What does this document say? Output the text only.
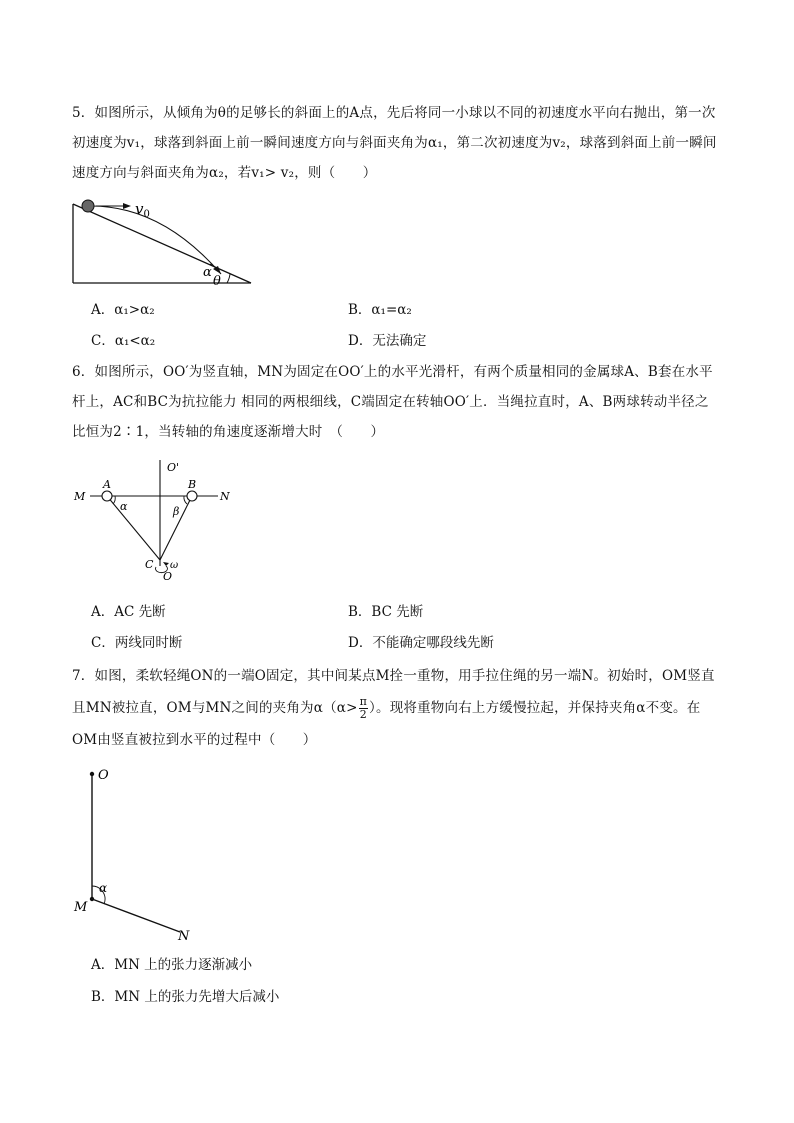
5．如图所示，从倾角为θ的足够长的斜面上的A点，先后将同一小球以不同的初速度水平向右抛出，第一次初速度为v₁，球落到斜面上前一瞬间速度方向与斜面夹角为α₁，第二次初速度为v₂，球落到斜面上前一瞬间速度方向与斜面夹角为α₂，若v₁> v₂，则（　　）

$v_0$
α
θ
A．α₁>α₂	B．α₁=α₂
C．α₁<α₂	D．无法确定

6．如图所示，OO′为竖直轴，MN为固定在OO′上的水平光滑杆，有两个质量相同的金属球A、B套在水平杆上，AC和BC为抗拉能力 相同的两根细线，C端固定在转轴OO′上．当绳拉直时，A、B两球转动半径之比恒为2∶1，当转轴的角速度逐渐增大时　（　　）

O'
M	N
A	B
α	β
C ω
O
A．AC 先断	B．BC 先断
C．两线同时断	D．不能确定哪段线先断

7．如图，柔软轻绳ON的一端O固定，其中间某点M拴一重物，用手拉住绳的另一端N。初始时，OM竖直且MN被拉直，OM与MN之间的夹角为$\alpha(\alpha> \frac{\pi}{2}$ ）。现将重物向右上方缓慢拉起，并保持夹角α不变。在OM由竖直被拉到水平的过程中（　　）

O
M
N
α
A．MN 上的张力逐渐减小
B．MN 上的张力先增大后减小
